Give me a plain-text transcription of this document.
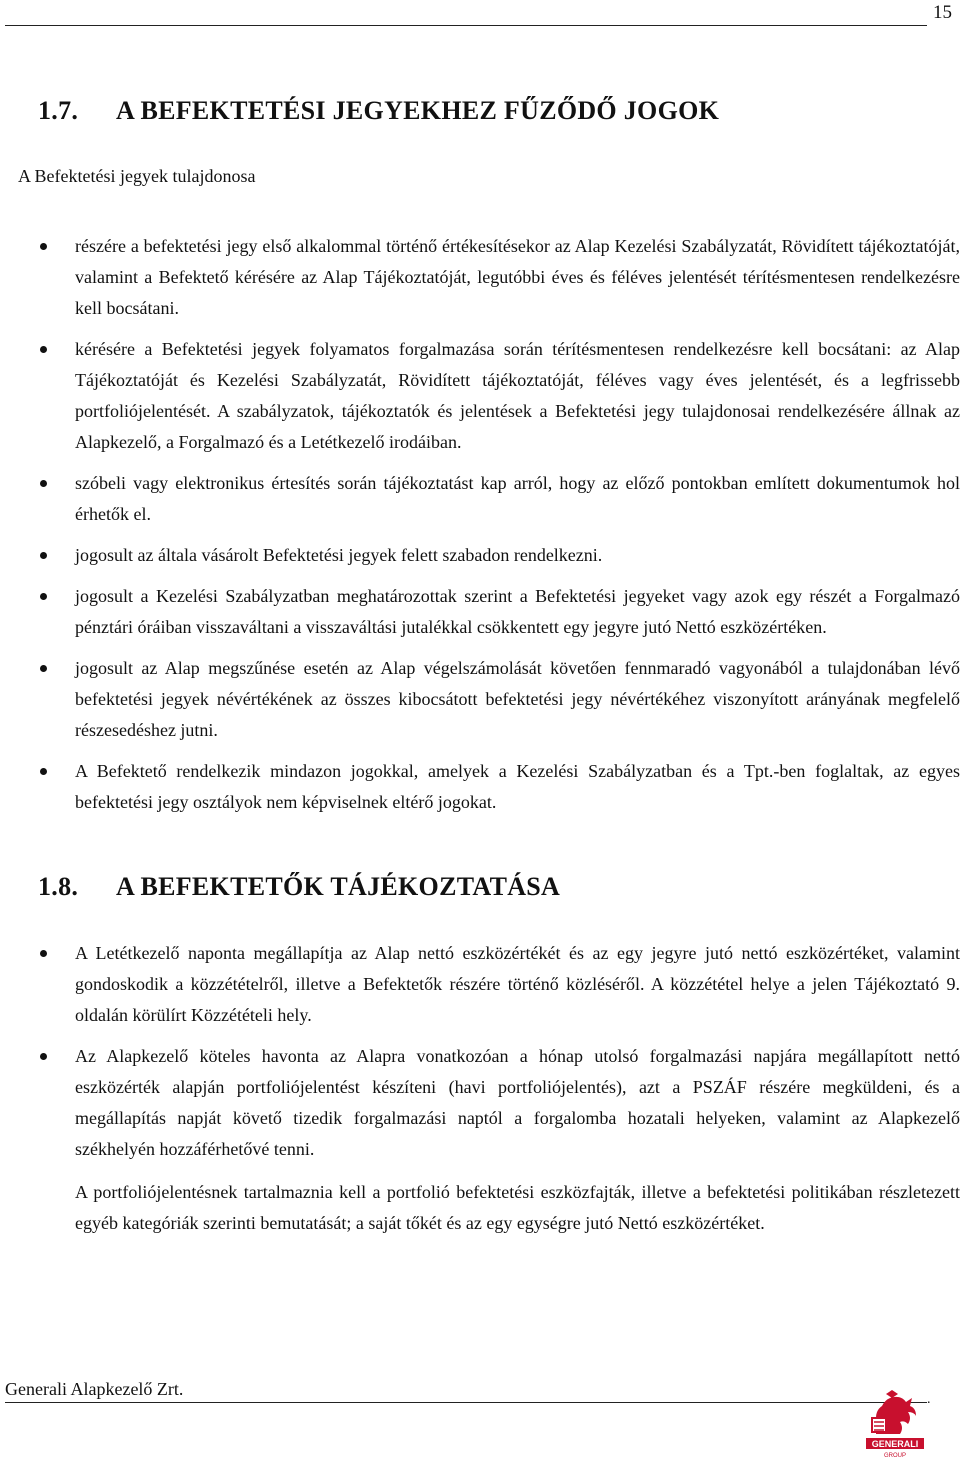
15
1.7. A BEFEKTETÉSI JEGYEKHEZ FŰZŐDŐ JOGOK
A Befektetési jegyek tulajdonosa
részére a befektetési jegy első alkalommal történő értékesítésekor az Alap Kezelési Szabályzatát, Rövidített tájékoztatóját, valamint a Befektető kérésére az Alap Tájékoztatóját, legutóbbi éves és féléves jelentését térítésmentesen rendelkezésre kell bocsátani.
kérésére a Befektetési jegyek folyamatos forgalmazása során térítésmentesen rendelkezésre kell bocsátani: az Alap Tájékoztatóját és Kezelési Szabályzatát, Rövidített tájékoztatóját, féléves vagy éves jelentését, és a legfrissebb portfoliójelentését. A szabályzatok, tájékoztatók és jelentések a Befektetési jegy tulajdonosai rendelkezésére állnak az Alapkezelő, a Forgalmazó és a Letétkezelő irodáiban.
szóbeli vagy elektronikus értesítés során tájékoztatást kap arról, hogy az előző pontokban említett dokumentumok hol érhetők el.
jogosult az általa vásárolt Befektetési jegyek felett szabadon rendelkezni.
jogosult a Kezelési Szabályzatban meghatározottak szerint a Befektetési jegyeket vagy azok egy részét a Forgalmazó pénztári óráiban visszaváltani a visszaváltási jutalékkal csökkentett egy jegyre jutó Nettó eszközértéken.
jogosult az Alap megszűnése esetén az Alap végelszámolását követően fennmaradó vagyonából a tulajdonában lévő befektetési jegyek névértékének az összes kibocsátott befektetési jegy névértékéhez viszonyított arányának megfelelő részesedéshez jutni.
A Befektető rendelkezik mindazon jogokkal, amelyek a Kezelési Szabályzatban és a Tpt.-ben foglaltak, az egyes befektetési jegy osztályok nem képviselnek eltérő jogokat.
1.8. A BEFEKTETŐK TÁJÉKOZTATÁSA
A Letétkezelő naponta megállapítja az Alap nettó eszközértékét és az egy jegyre jutó nettó eszközértéket, valamint gondoskodik a közzétételről, illetve a Befektetők részére történő közléséről. A közzététel helye a jelen Tájékoztató 9. oldalán körülírt Közzétételi hely.
Az Alapkezelő köteles havonta az Alapra vonatkozóan a hónap utolsó forgalmazási napjára megállapított nettó eszközérték alapján portfoliójelentést készíteni (havi portfoliójelentés), azt a PSZÁF részére megküldeni, és a megállapítás napját követő tizedik forgalmazási naptól a forgalomba hozatali helyeken, valamint az Alapkezelő székhelyén hozzáférhetővé tenni.

A portfoliójelentésnek tartalmaznia kell a portfolió befektetési eszközfajták, illetve a befektetési politikában részletezett egyéb kategóriák szerinti bemutatását; a saját tőkét és az egy egységre jutó Nettó eszközértéket.

Generali Alapkezelő Zrt.
.
GENERALI
GROUP
